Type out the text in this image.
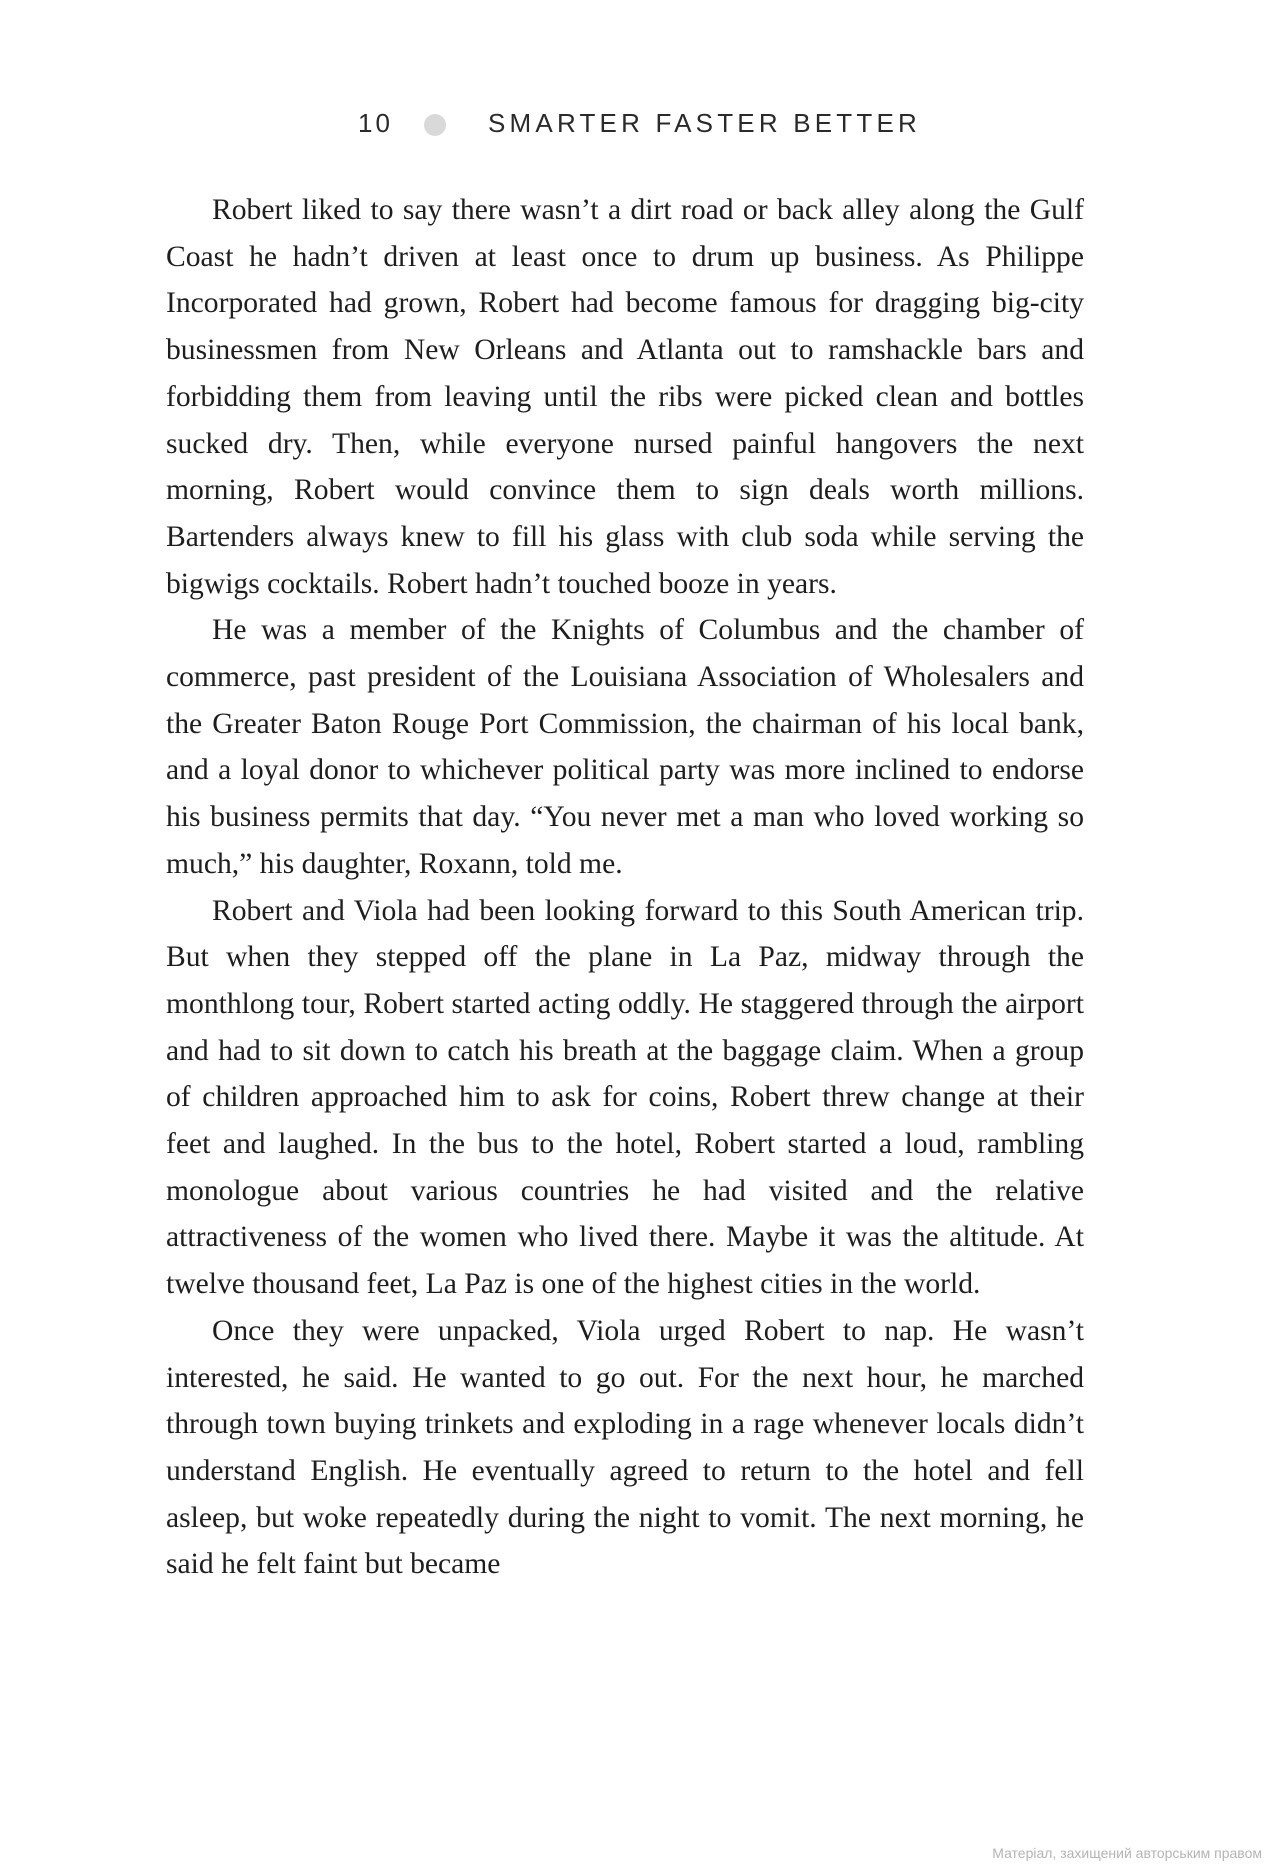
10	SMARTER FASTER BETTER

Robert liked to say there wasn’t a dirt road or back alley along the Gulf Coast he hadn’t driven at least once to drum up business. As Philippe Incorporated had grown, Robert had become famous for dragging big-city businessmen from New Orleans and Atlanta out to ramshackle bars and forbidding them from leaving until the ribs were picked clean and bottles sucked dry. Then, while everyone nursed painful hangovers the next morning, Robert would convince them to sign deals worth millions. Bartenders always knew to fill his glass with club soda while serving the bigwigs cocktails. Robert hadn’t touched booze in years.

He was a member of the Knights of Columbus and the chamber of commerce, past president of the Louisiana Association of Wholesalers and the Greater Baton Rouge Port Commission, the chairman of his local bank, and a loyal donor to whichever political party was more inclined to endorse his business permits that day. “You never met a man who loved working so much,” his daughter, Roxann, told me.

Robert and Viola had been looking forward to this South American trip. But when they stepped off the plane in La Paz, midway through the monthlong tour, Robert started acting oddly. He staggered through the airport and had to sit down to catch his breath at the baggage claim. When a group of children approached him to ask for coins, Robert threw change at their feet and laughed. In the bus to the hotel, Robert started a loud, rambling monologue about various countries he had visited and the relative attractiveness of the women who lived there. Maybe it was the altitude. At twelve thousand feet, La Paz is one of the highest cities in the world.

Once they were unpacked, Viola urged Robert to nap. He wasn’t interested, he said. He wanted to go out. For the next hour, he marched through town buying trinkets and exploding in a rage whenever locals didn’t understand English. He eventually agreed to return to the hotel and fell asleep, but woke repeatedly during the night to vomit. The next morning, he said he felt faint but became

Матеріал, захищений авторським правом
